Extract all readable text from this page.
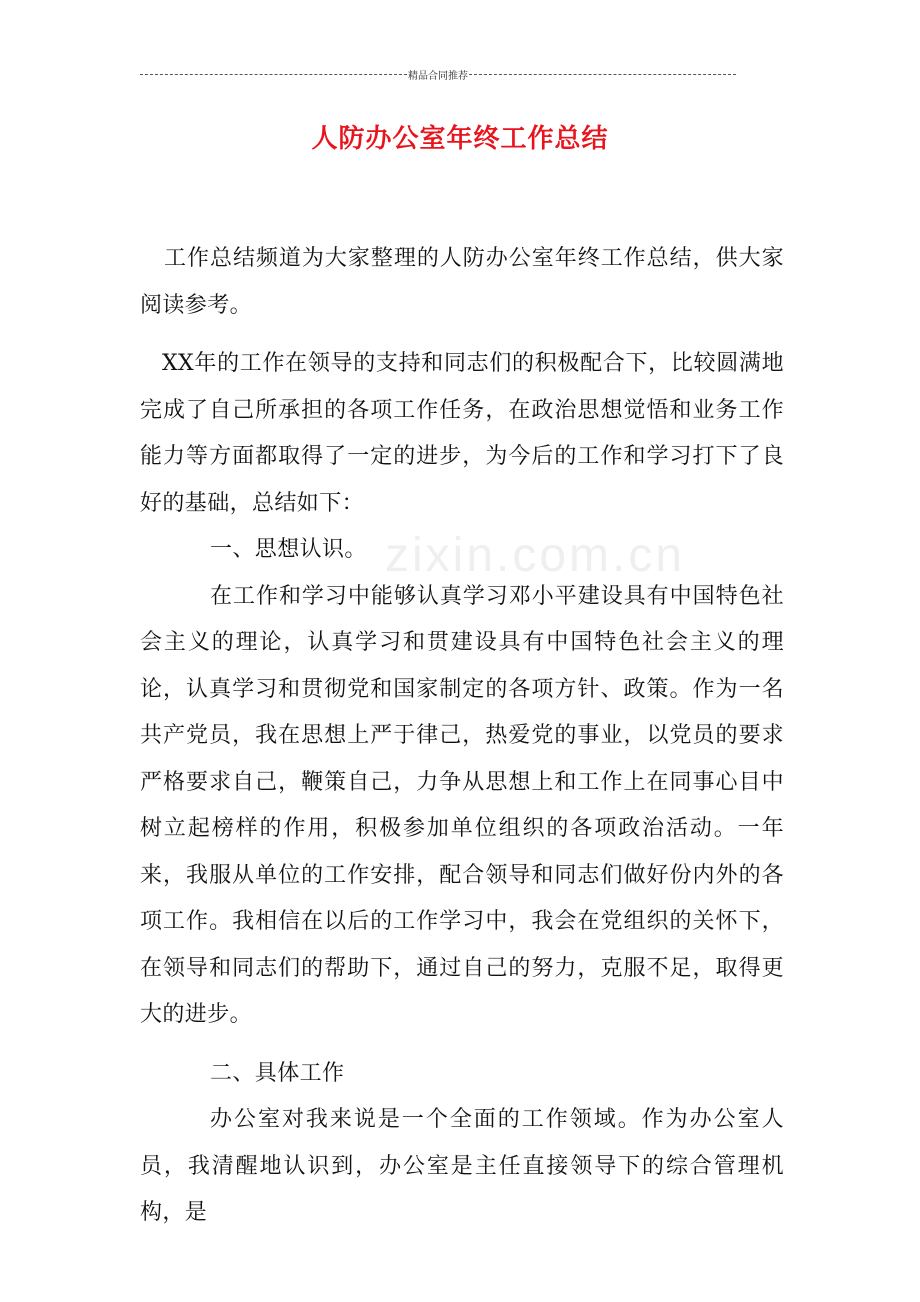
精品合同推荐
人防办公室年终工作总结
zixin.com.cn

工作总结频道为大家整理的人防办公室年终工作总结，供大家阅读参考。

XX年的工作在领导的支持和同志们的积极配合下，比较圆满地完成了自己所承担的各项工作任务，在政治思想觉悟和业务工作能力等方面都取得了一定的进步，为今后的工作和学习打下了良好的基础，总结如下：

一、思想认识。

在工作和学习中能够认真学习邓小平建设具有中国特色社会主义的理论，认真学习和贯建设具有中国特色社会主义的理论，认真学习和贯彻党和国家制定的各项方针、政策。作为一名共产党员，我在思想上严于律己，热爱党的事业，以党员的要求严格要求自己，鞭策自己，力争从思想上和工作上在同事心目中树立起榜样的作用，积极参加单位组织的各项政治活动。一年来，我服从单位的工作安排，配合领导和同志们做好份内外的各项工作。我相信在以后的工作学习中，我会在党组织的关怀下，在领导和同志们的帮助下，通过自己的努力，克服不足，取得更大的进步。

二、具体工作

办公室对我来说是一个全面的工作领域。作为办公室人员，我清醒地认识到，办公室是主任直接领导下的综合管理机构，是
